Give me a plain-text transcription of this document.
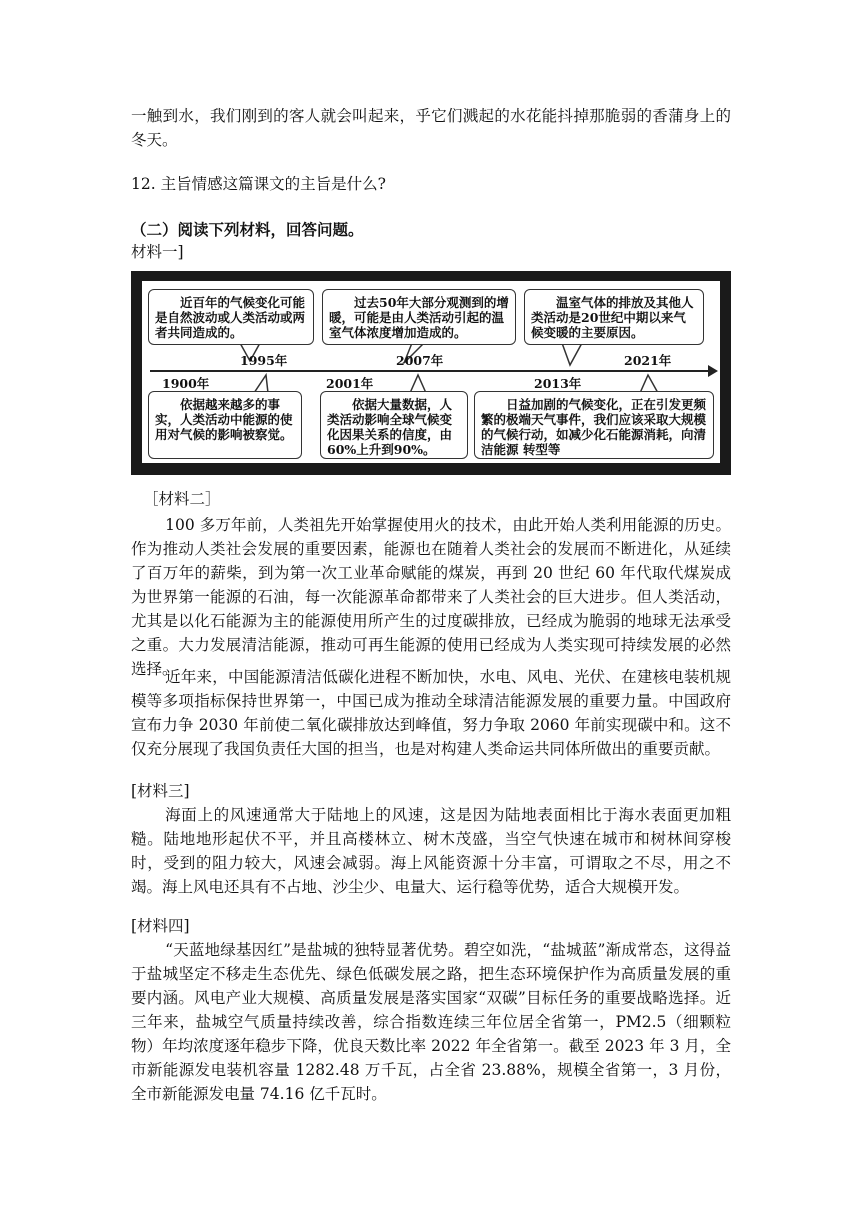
一触到水，我们刚到的客人就会叫起来，乎它们溅起的水花能抖掉那脆弱的香蒲身上的冬天。

12. 主旨情感这篇课文的主旨是什么?

（二）阅读下列材料，回答问题。

材料一]

近百年的气候变化可能是自然波动或人类活动或两者共同造成的。
过去50年大部分观测到的增暖，可能是由人类活动引起的温室气体浓度增加造成的。
温室气体的排放及其他人类活动是20世纪中期以来气候变暖的主要原因。
1995年	2007年	2021年
1900年	2001年	2013年
依据越来越多的事实，人类活动中能源的使用对气候的影响被察觉。
依据大量数据，人类活动影响全球气候变化因果关系的信度，由60%上升到90%。
日益加剧的气候变化，正在引发更频繁的极端天气事件，我们应该采取大规模的气候行动，如减少化石能源消耗，向清洁能源 转型等

［材料二］

100 多万年前，人类祖先开始掌握使用火的技术，由此开始人类利用能源的历史。作为推动人类社会发展的重要因素，能源也在随着人类社会的发展而不断进化，从延续了百万年的薪柴，到为第一次工业革命赋能的煤炭，再到 20 世纪 60 年代取代煤炭成为世界第一能源的石油，每一次能源革命都带来了人类社会的巨大进步。但人类活动，尤其是以化石能源为主的能源使用所产生的过度碳排放，已经成为脆弱的地球无法承受之重。大力发展清洁能源，推动可再生能源的使用已经成为人类实现可持续发展的必然选择。

近年来，中国能源清洁低碳化进程不断加快，水电、风电、光伏、在建核电装机规模等多项指标保持世界第一，中国已成为推动全球清洁能源发展的重要力量。中国政府宣布力争 2030 年前使二氧化碳排放达到峰值，努力争取 2060 年前实现碳中和。这不仅充分展现了我国负责任大国的担当，也是对构建人类命运共同体所做出的重要贡献。

[材料三]

海面上的风速通常大于陆地上的风速，这是因为陆地表面相比于海水表面更加粗糙。陆地地形起伏不平，并且高楼林立、树木茂盛，当空气快速在城市和树林间穿梭时，受到的阻力较大，风速会减弱。海上风能资源十分丰富，可谓取之不尽，用之不竭。海上风电还具有不占地、沙尘少、电量大、运行稳等优势，适合大规模开发。

[材料四]

“天蓝地绿基因红”是盐城的独特显著优势。碧空如洗，“盐城蓝”渐成常态，这得益于盐城坚定不移走生态优先、绿色低碳发展之路，把生态环境保护作为高质量发展的重要内涵。风电产业大规模、高质量发展是落实国家“双碳”目标任务的重要战略选择。近三年来，盐城空气质量持续改善，综合指数连续三年位居全省第一，PM2.5（细颗粒物）年均浓度逐年稳步下降，优良天数比率 2022 年全省第一。截至 2023 年 3 月，全市新能源发电装机容量 1282.48 万千瓦，占全省 23.88%，规模全省第一，3 月份，全市新能源发电量 74.16 亿千瓦时。
